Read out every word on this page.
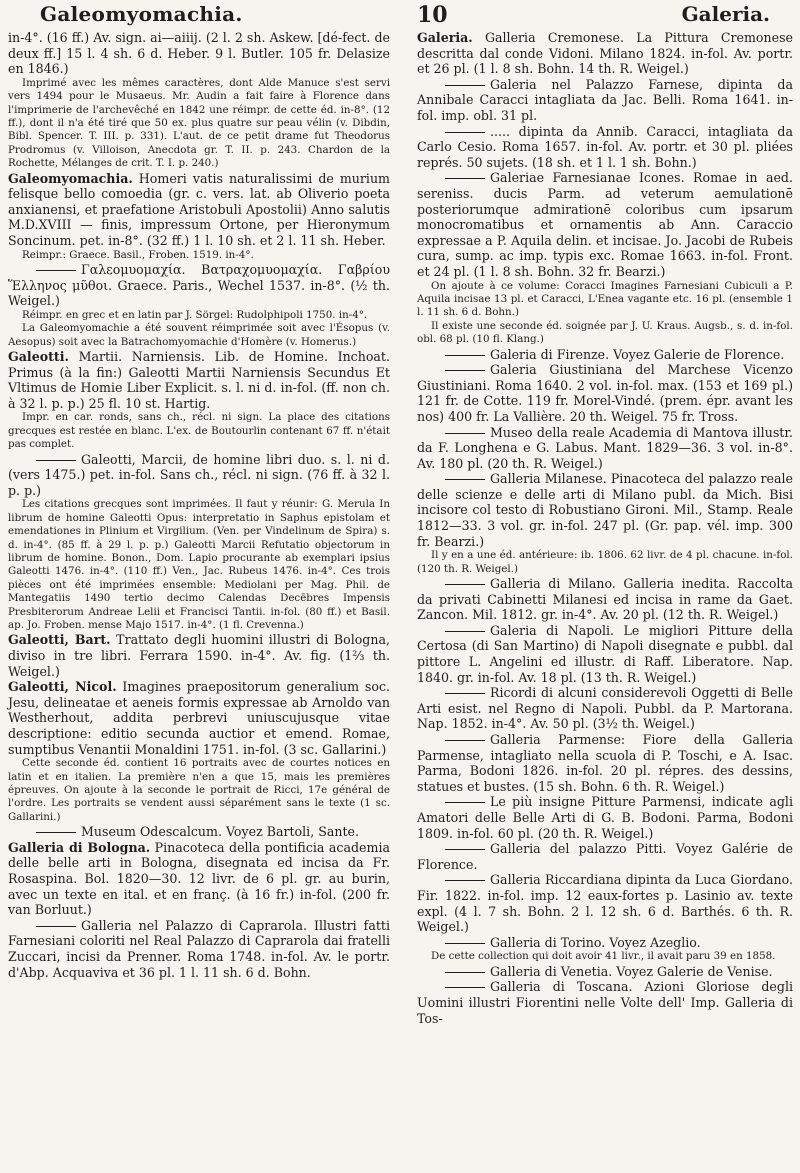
Galeomyomachia.	10	Galeria.

in-4°. (16 ff.) Av. sign. ai—aiiij. (2 l. 2 sh. Askew. [dé-fect. de deux ff.] 15 l. 4 sh. 6 d. Heber. 9 l. Butler. 105 fr. Delasize en 1846.)

Imprimé avec les mêmes caractères, dont Alde Manuce s'est servi vers 1494 pour le Musaeus. Mr. Audin a fait faire à Florence dans l'imprimerie de l'archevêché en 1842 une réimpr. de cette éd. in-8°. (12 ff.), dont il n'a été tiré que 50 ex. plus quatre sur peau vélin (v. Dibdin, Bibl. Spencer. T. III. p. 331). L'aut. de ce petit drame fut Theodorus Prodromus (v. Villoison, Anecdota gr. T. II. p. 243. Chardon de la Rochette, Mélanges de crit. T. I. p. 240.)

Galeomyomachia. Homeri vatis naturalissimi de murium felisque bello comoedia (gr. c. vers. lat. ab Oliverio poeta anxianensi, et praefatione Aristobuli Apostolii) Anno salutis M.D.XVIII — finis, impressum Ortone, per Hieronymum Soncinum. pet. in-8°. (32 ff.) 1 l. 10 sh. et 2 l. 11 sh. Heber.

Reimpr.: Graece. Basil., Froben. 1519. in-4°.

Γαλεομυομαχία. Βατραχομυομαχία. Γαβρίου Ἕλληνος μῦθοι. Graece. Paris., Wechel 1537. in-8°. (½ th. Weigel.)

Réimpr. en grec et en latin par J. Sörgel: Rudolphipoli 1750. in-4°.

La Galeomyomachie a été souvent réimprimée soit avec l'Ésopus (v. Aesopus) soit avec la Batrachomyomachie d'Homère (v. Homerus.)

Galeotti. Martii. Narniensis. Lib. de Homine. Inchoat. Primus (à la fin:) Galeotti Martii Narniensis Secundus Et Vltimus de Homie Liber Explicit. s. l. ni d. in-fol. (ff. non ch. à 32 l. p. p.) 25 fl. 10 st. Hartig.

Impr. en car. ronds, sans ch., récl. ni sign. La place des citations grecques est restée en blanc. L'ex. de Boutourlin contenant 67 ff. n'était pas complet.

Galeotti, Marcii, de homine libri duo. s. l. ni d. (vers 1475.) pet. in-fol. Sans ch., récl. ni sign. (76 ff. à 32 l. p. p.)

Les citations grecques sont imprimées. Il faut y réunir: G. Merula In librum de homine Galeotti Opus: interpretatio in Saphus epistolam et emendationes in Plinium et Virgilium. (Ven. per Vindelinum de Spira) s. d. in-4°. (85 ff. à 29 l. p. p.) Galeotti Marcii Refutatio objectorum in librum de homine. Bonon., Dom. Lapio procurante ab exemplari ipsius Galeotti 1476. in-4°. (110 ff.) Ven., Jac. Rubeus 1476. in-4°. Ces trois pièces ont été imprimées ensemble: Mediolani per Mag. Phil. de Mantegatiis 1490 tertio decimo Calendas Decēbres Impensis Presbiterorum Andreae Lelii et Francisci Tantii. in-fol. (80 ff.) et Basil. ap. Jo. Froben. mense Majo 1517. in-4°. (1 fl. Crevenna.)

Galeotti, Bart. Trattato degli huomini illustri di Bologna, diviso in tre libri. Ferrara 1590. in-4°. Av. fig. (1⅔ th. Weigel.)

Galeotti, Nicol. Imagines praepositorum generalium soc. Jesu, delineatae et aeneis formis expressae ab Arnoldo van Westherhout, addita perbrevi uniuscujusque vitae descriptione: editio secunda auctior et emend. Romae, sumptibus Venantii Monaldini 1751. in-fol. (3 sc. Gallarini.)

Cette seconde éd. contient 16 portraits avec de courtes notices en latin et en italien. La première n'en a que 15, mais les premières épreuves. On ajoute à la seconde le portrait de Ricci, 17e général de l'ordre. Les portraits se vendent aussi séparément sans le texte (1 sc. Gallarini.)

Museum Odescalcum. Voyez Bartoli, Sante.

Galleria di Bologna. Pinacoteca della pontificia academia delle belle arti in Bologna, disegnata ed incisa da Fr. Rosaspina. Bol. 1820—30. 12 livr. de 6 pl. gr. au burin, avec un texte en ital. et en franç. (à 16 fr.) in-fol. (200 fr. van Borluut.)

Galleria nel Palazzo di Caprarola. Illustri fatti Farnesiani coloriti nel Real Palazzo di Caprarola dai fratelli Zuccari, incisi da Prenner. Roma 1748. in-fol. Av. le portr. d'Abp. Acquaviva et 36 pl. 1 l. 11 sh. 6 d. Bohn.

Galeria. Galleria Cremonese. La Pittura Cremonese descritta dal conde Vidoni. Milano 1824. in-fol. Av. portr. et 26 pl. (1 l. 8 sh. Bohn. 14 th. R. Weigel.)

Galeria nel Palazzo Farnese, dipinta da Annibale Caracci intagliata da Jac. Belli. Roma 1641. in-fol. imp. obl. 31 pl.

..... dipinta da Annib. Caracci, intagliata da Carlo Cesio. Roma 1657. in-fol. Av. portr. et 30 pl. pliées représ. 50 sujets. (18 sh. et 1 l. 1 sh. Bohn.)

Galeriae Farnesianae Icones. Romae in aed. sereniss. ducis Parm. ad veterum aemulationē posteriorumque admirationē coloribus cum ipsarum monocromatibus et ornamentis ab Ann. Caraccio expressae a P. Aquila delin. et incisae. Jo. Jacobi de Rubeis cura, sump. ac imp. typis exc. Romae 1663. in-fol. Front. et 24 pl. (1 l. 8 sh. Bohn. 32 fr. Bearzi.)

On ajoute à ce volume: Coracci Imagines Farnesiani Cubiculi a P. Aquila incisae 13 pl. et Caracci, L'Enea vagante etc. 16 pl. (ensemble 1 l. 11 sh. 6 d. Bohn.)

Il existe une seconde éd. soignée par J. U. Kraus. Augsb., s. d. in-fol. obl. 68 pl. (10 fl. Klang.)

Galeria di Firenze. Voyez Galerie de Florence.

Galeria Giustiniana del Marchese Vicenzo Giustiniani. Roma 1640. 2 vol. in-fol. max. (153 et 169 pl.) 121 fr. de Cotte. 119 fr. Morel-Vindé. (prem. épr. avant les nos) 400 fr. La Vallière. 20 th. Weigel. 75 fr. Tross.

Museo della reale Academia di Mantova illustr. da F. Longhena e G. Labus. Mant. 1829—36. 3 vol. in-8°. Av. 180 pl. (20 th. R. Weigel.)

Galleria Milanese. Pinacoteca del palazzo reale delle scienze e delle arti di Milano publ. da Mich. Bisi incisore col testo di Robustiano Gironi. Mil., Stamp. Reale 1812—33. 3 vol. gr. in-fol. 247 pl. (Gr. pap. vél. imp. 300 fr. Bearzi.)

Il y en a une éd. antérieure: ib. 1806. 62 livr. de 4 pl. chacune. in-fol. (120 th. R. Weigel.)

Galleria di Milano. Galleria inedita. Raccolta da privati Cabinetti Milanesi ed incisa in rame da Gaet. Zancon. Mil. 1812. gr. in-4°. Av. 20 pl. (12 th. R. Weigel.)

Galeria di Napoli. Le migliori Pitture della Certosa (di San Martino) di Napoli disegnate e pubbl. dal pittore L. Angelini ed illustr. di Raff. Liberatore. Nap. 1840. gr. in-fol. Av. 18 pl. (13 th. R. Weigel.)

Ricordi di alcuni considerevoli Oggetti di Belle Arti esist. nel Regno di Napoli. Pubbl. da P. Martorana. Nap. 1852. in-4°. Av. 50 pl. (3½ th. Weigel.)

Galleria Parmense: Fiore della Galleria Parmense, intagliato nella scuola di P. Toschi, e A. Isac. Parma, Bodoni 1826. in-fol. 20 pl. répres. des dessins, statues et bustes. (15 sh. Bohn. 6 th. R. Weigel.)

Le più insigne Pitture Parmensi, indicate agli Amatori delle Belle Arti di G. B. Bodoni. Parma, Bodoni 1809. in-fol. 60 pl. (20 th. R. Weigel.)

Galleria del palazzo Pitti. Voyez Galérie de Florence.

Galleria Riccardiana dipinta da Luca Giordano. Fir. 1822. in-fol. imp. 12 eaux-fortes p. Lasinio av. texte expl. (4 l. 7 sh. Bohn. 2 l. 12 sh. 6 d. Barthés. 6 th. R. Weigel.)

Galleria di Torino. Voyez Azeglio.

De cette collection qui doit avoir 41 livr., il avait paru 39 en 1858.

Galleria di Venetia. Voyez Galerie de Venise.

Galleria di Toscana. Azioni Gloriose degli Uomini illustri Fiorentini nelle Volte dell' Imp. Galleria di Tos-
